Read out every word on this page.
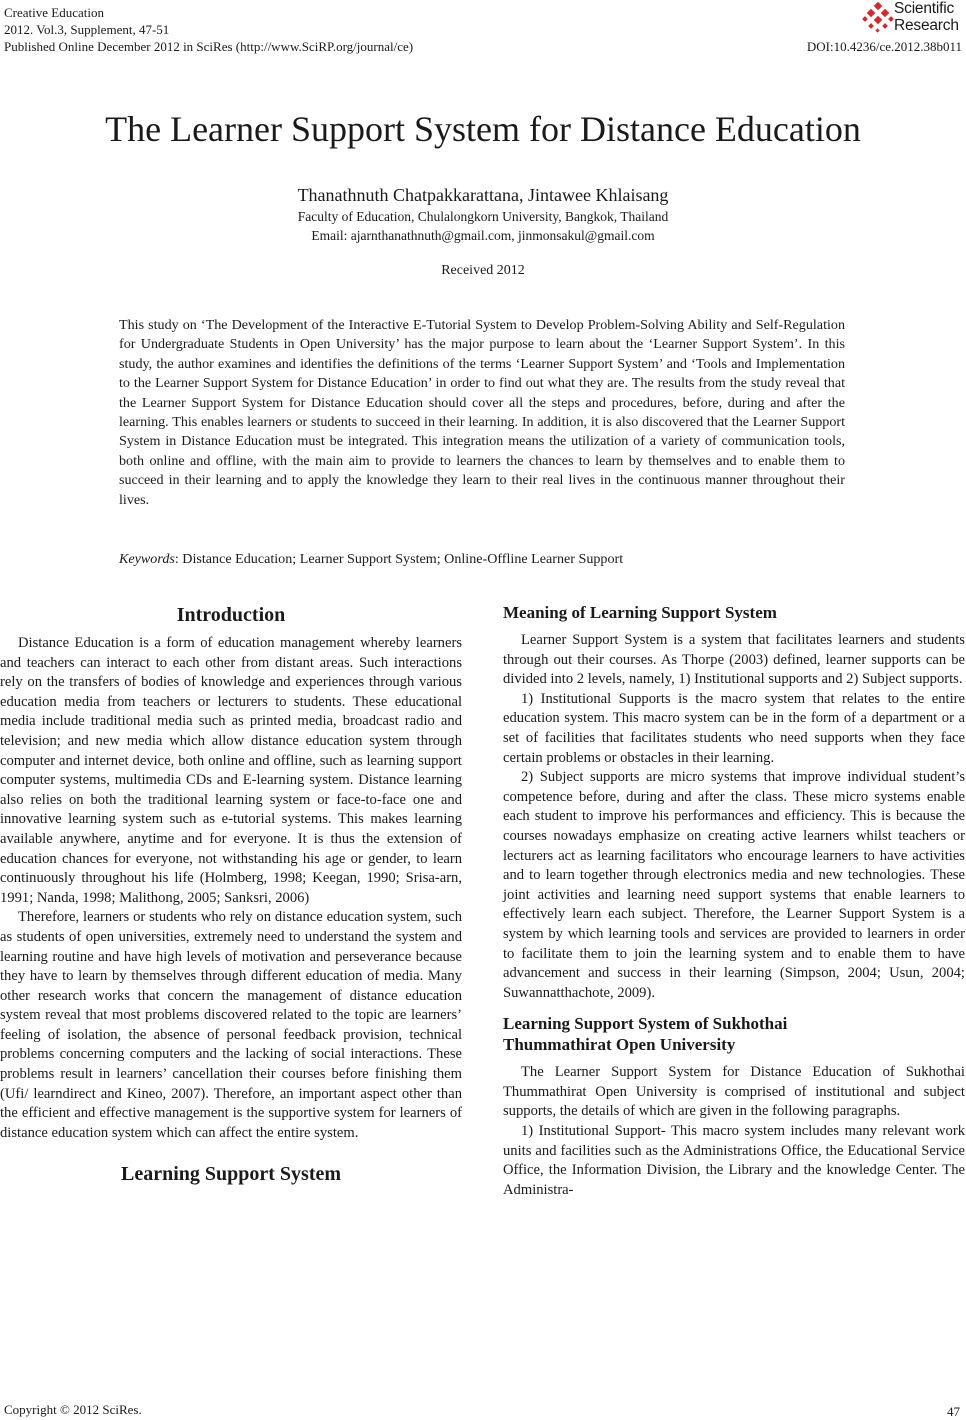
Creative Education
2012. Vol.3, Supplement, 47-51
Published Online December 2012 in SciRes (http://www.SciRP.org/journal/ce)
Scientific
Research
DOI:10.4236/ce.2012.38b011
The Learner Support System for Distance Education
Thanathnuth Chatpakkarattana, Jintawee Khlaisang
Faculty of Education, Chulalongkorn University, Bangkok, Thailand
Email: ajarnthanathnuth@gmail.com, jinmonsakul@gmail.com
Received 2012

This study on ‘The Development of the Interactive E-Tutorial System to Develop Problem-Solving Ability and Self-Regulation for Undergraduate Students in Open University’ has the major purpose to learn about the ‘Learner Support System’. In this study, the author examines and identifies the definitions of the terms ‘Learner Support System’ and ‘Tools and Implementation to the Learner Support System for Distance Education’ in order to find out what they are. The results from the study reveal that the Learner Support System for Distance Education should cover all the steps and procedures, before, during and after the learning. This enables learners or students to succeed in their learning. In addition, it is also discovered that the Learner Support System in Distance Education must be integrated. This integration means the utilization of a variety of communication tools, both online and offline, with the main aim to provide to learners the chances to learn by themselves and to enable them to succeed in their learning and to apply the knowledge they learn to their real lives in the continuous manner throughout their lives.

Keywords: Distance Education; Learner Support System; Online-Offline Learner Support

Introduction

Distance Education is a form of education management whereby learners and teachers can interact to each other from distant areas. Such interactions rely on the transfers of bodies of knowledge and experiences through various education media from teachers or lecturers to students. These educational media include traditional media such as printed media, broadcast radio and television; and new media which allow distance education system through computer and internet device, both online and offline, such as learning support computer systems, multimedia CDs and E-learning system. Distance learning also relies on both the traditional learning system or face-to-face one and innovative learning system such as e-tutorial systems. This makes learning available anywhere, anytime and for everyone. It is thus the extension of education chances for everyone, not withstanding his age or gender, to learn continuously throughout his life (Holmberg, 1998; Keegan, 1990; Srisa-arn, 1991; Nanda, 1998; Malithong, 2005; Sanksri, 2006)

Therefore, learners or students who rely on distance education system, such as students of open universities, extremely need to understand the system and learning routine and have high levels of motivation and perseverance because they have to learn by themselves through different education of media. Many other research works that concern the management of distance education system reveal that most problems discovered related to the topic are learners’ feeling of isolation, the absence of personal feedback provision, technical problems concerning computers and the lacking of social interactions. These problems result in learners’ cancellation their courses before finishing them (Ufi/ learndirect and Kineo, 2007). Therefore, an important aspect other than the efficient and effective management is the supportive system for learners of distance education system which can affect the entire system.

Learning Support System
Meaning of Learning Support System

Learner Support System is a system that facilitates learners and students through out their courses. As Thorpe (2003) defined, learner supports can be divided into 2 levels, namely, 1) Institutional supports and 2) Subject supports.

1) Institutional Supports is the macro system that relates to the entire education system. This macro system can be in the form of a department or a set of facilities that facilitates students who need supports when they face certain problems or obstacles in their learning.

2) Subject supports are micro systems that improve individual student’s competence before, during and after the class. These micro systems enable each student to improve his performances and efficiency. This is because the courses nowadays emphasize on creating active learners whilst teachers or lecturers act as learning facilitators who encourage learners to have activities and to learn together through electronics media and new technologies. These joint activities and learning need support systems that enable learners to effectively learn each subject. Therefore, the Learner Support System is a system by which learning tools and services are provided to learners in order to facilitate them to join the learning system and to enable them to have advancement and success in their learning (Simpson, 2004; Usun, 2004; Suwannatthachote, 2009).

Learning Support System of Sukhothai
Thummathirat Open University

The Learner Support System for Distance Education of Sukhothai Thummathirat Open University is comprised of institutional and subject supports, the details of which are given in the following paragraphs.

1) Institutional Support- This macro system includes many relevant work units and facilities such as the Administrations Office, the Educational Service Office, the Information Division, the Library and the knowledge Center. The Administra-

Copyright © 2012 SciRes.	47
